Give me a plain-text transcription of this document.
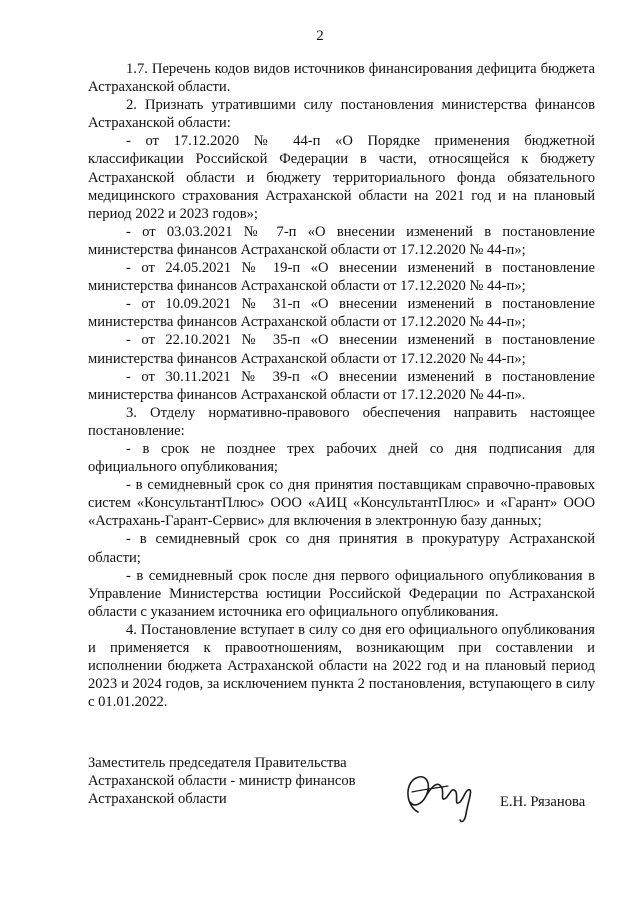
2

1.7. Перечень кодов видов источников финансирования дефицита бюджета Астраханской области.

2. Признать утратившими силу постановления министерства финансов Астраханской области:

- от 17.12.2020 № 44-п «О Порядке применения бюджетной классификации Российской Федерации в части, относящейся к бюджету Астраханской области и бюджету территориального фонда обязательного медицинского страхования Астраханской области на 2021 год и на плановый период 2022 и 2023 годов»;

- от 03.03.2021 № 7-п «О внесении изменений в постановление министерства финансов Астраханской области от 17.12.2020 № 44-п»;

- от 24.05.2021 № 19-п «О внесении изменений в постановление министерства финансов Астраханской области от 17.12.2020 № 44-п»;

- от 10.09.2021 № 31-п «О внесении изменений в постановление министерства финансов Астраханской области от 17.12.2020 № 44-п»;

- от 22.10.2021 № 35-п «О внесении изменений в постановление министерства финансов Астраханской области от 17.12.2020 № 44-п»;

- от 30.11.2021 № 39-п «О внесении изменений в постановление министерства финансов Астраханской области от 17.12.2020 № 44-п».

3. Отделу нормативно-правового обеспечения направить настоящее постановление:

- в срок не позднее трех рабочих дней со дня подписания для официального опубликования;

- в семидневный срок со дня принятия поставщикам справочно-правовых систем «КонсультантПлюс» ООО «АИЦ «КонсультантПлюс» и «Гарант» ООО «Астрахань-Гарант-Сервис» для включения в электронную базу данных;

- в семидневный срок со дня принятия в прокуратуру Астраханской области;

- в семидневный срок после дня первого официального опубликования в Управление Министерства юстиции Российской Федерации по Астраханской области с указанием источника его официального опубликования.

4. Постановление вступает в силу со дня его официального опубликования и применяется к правоотношениям, возникающим при составлении и исполнении бюджета Астраханской области на 2022 год и на плановый период 2023 и 2024 годов, за исключением пункта 2 постановления, вступающего в силу с 01.01.2022.

Заместитель председателя Правительства
Астраханской области - министр финансов
Астраханской области	Е.Н. Рязанова
